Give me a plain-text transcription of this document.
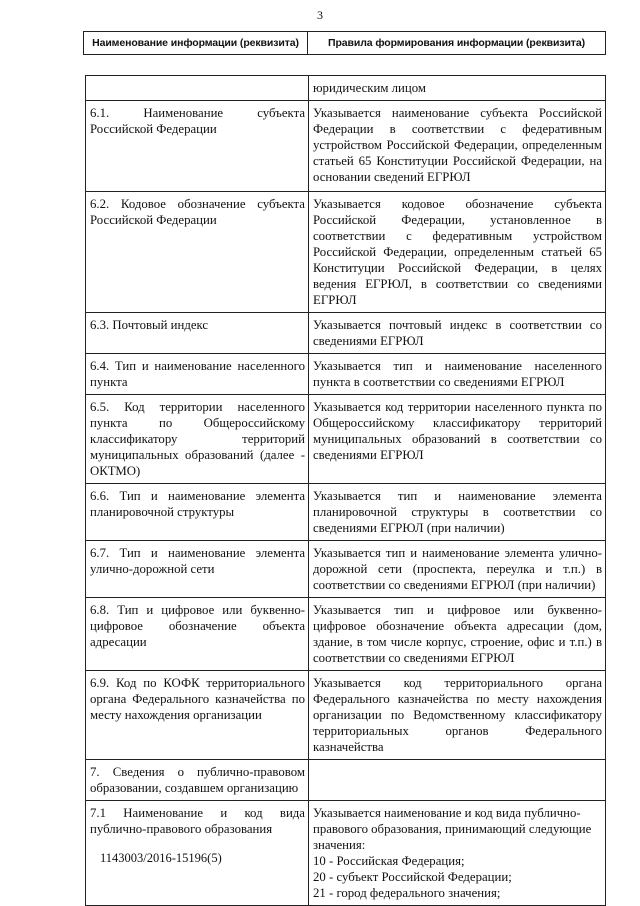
3
Наименование информации (реквизита)	Правила формирования информации (реквизита)
	юридическим лицом
6.1. Наименование субъекта Российской Федерации	Указывается наименование субъекта Российской Федерации в соответствии с федеративным устройством Российской Федерации, определенным статьей 65 Конституции Российской Федерации, на основании сведений ЕГРЮЛ
6.2. Кодовое обозначение субъекта Российской Федерации	Указывается кодовое обозначение субъекта Российской Федерации, установленное в соответствии с федеративным устройством Российской Федерации, определенным статьей 65 Конституции Российской Федерации, в целях ведения ЕГРЮЛ, в соответствии со сведениями ЕГРЮЛ
6.3. Почтовый индекс	Указывается почтовый индекс в соответствии со сведениями ЕГРЮЛ
6.4. Тип и наименование населенного пункта	Указывается тип и наименование населенного пункта в соответствии со сведениями ЕГРЮЛ
6.5. Код территории населенного пункта по Общероссийскому классификатору территорий муниципальных образований (далее - ОКТМО)	Указывается код территории населенного пункта по Общероссийскому классификатору территорий муниципальных образований в соответствии со сведениями ЕГРЮЛ
6.6. Тип и наименование элемента планировочной структуры	Указывается тип и наименование элемента планировочной структуры в соответствии со сведениями ЕГРЮЛ (при наличии)
6.7. Тип и наименование элемента улично-дорожной сети	Указывается тип и наименование элемента улично-дорожной сети (проспекта, переулка и т.п.) в соответствии со сведениями ЕГРЮЛ (при наличии)
6.8. Тип и цифровое или буквенно-цифровое обозначение объекта адресации	Указывается тип и цифровое или буквенно-цифровое обозначение объекта адресации (дом, здание, в том числе корпус, строение, офис и т.п.) в соответствии со сведениями ЕГРЮЛ
6.9. Код по КОФК территориального органа Федерального казначейства по месту нахождения организации	Указывается код территориального органа Федерального казначейства по месту нахождения организации по Ведомственному классификатору территориальных органов Федерального казначейства
7. Сведения о публично-правовом образовании, создавшем организацию	
7.1 Наименование и код вида публично-правового образования	Указывается наименование и код вида публично-правового образования, принимающий следующие значения:
10 - Российская Федерация;
20 - субъект Российской Федерации;
21 - город федерального значения;
1143003/2016-15196(5)
